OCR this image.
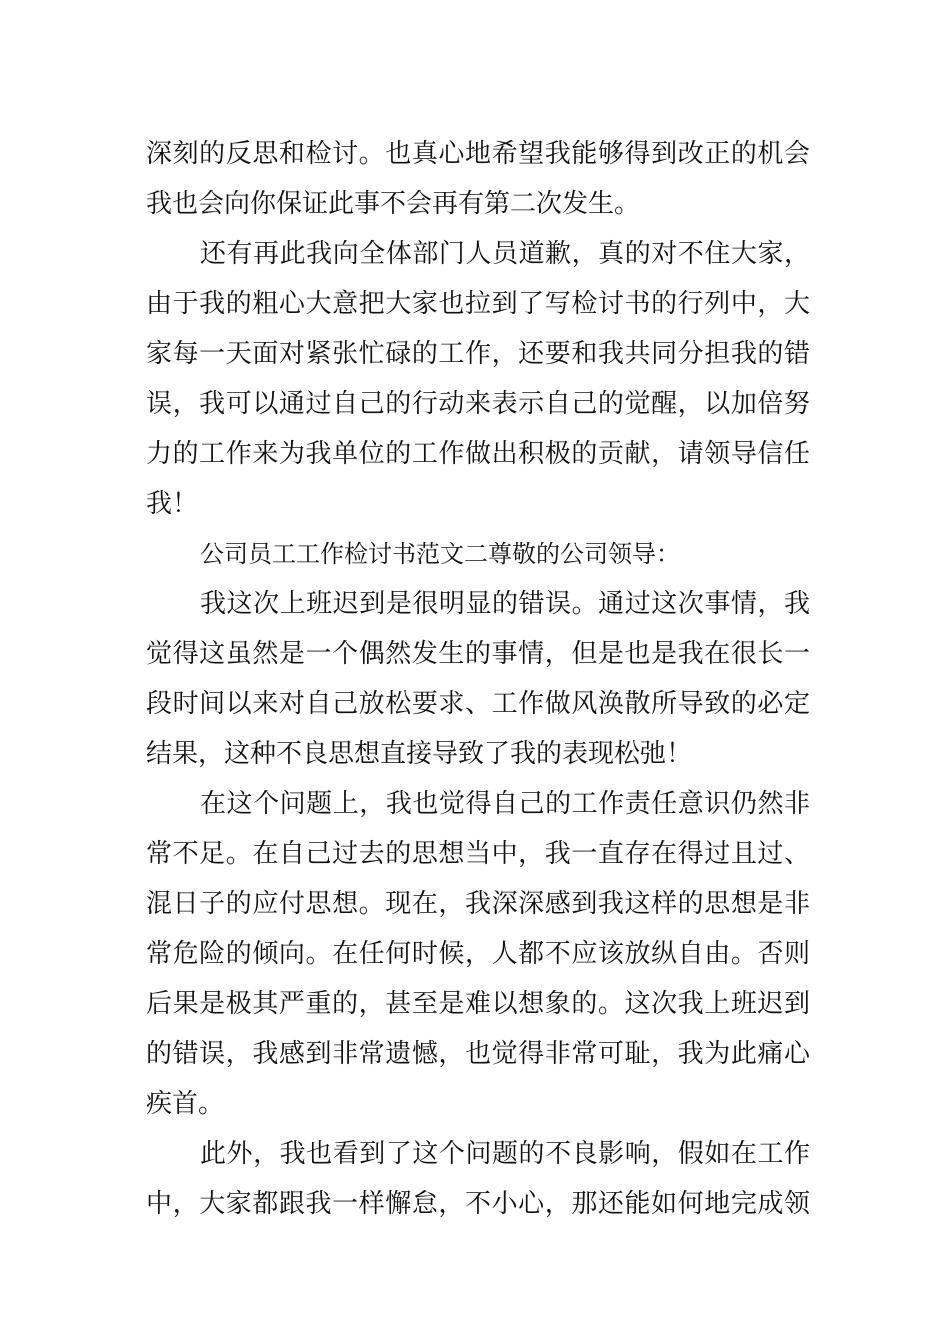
深刻的反思和检讨。也真心地希望我能够得到改正的机会
我也会向你保证此事不会再有第二次发生。
还有再此我向全体部门人员道歉，真的对不住大家，
由于我的粗心大意把大家也拉到了写检讨书的行列中，大
家每一天面对紧张忙碌的工作，还要和我共同分担我的错
误，我可以通过自己的行动来表示自己的觉醒，以加倍努
力的工作来为我单位的工作做出积极的贡献，请领导信任
我！
公司员工工作检讨书范文二尊敬的公司领导：
我这次上班迟到是很明显的错误。通过这次事情，我
觉得这虽然是一个偶然发生的事情，但是也是我在很长一
段时间以来对自己放松要求、工作做风涣散所导致的必定
结果，这种不良思想直接导致了我的表现松弛！
在这个问题上，我也觉得自己的工作责任意识仍然非
常不足。在自己过去的思想当中，我一直存在得过且过、
混日子的应付思想。现在，我深深感到我这样的思想是非
常危险的倾向。在任何时候，人都不应该放纵自由。否则
后果是极其严重的，甚至是难以想象的。这次我上班迟到
的错误，我感到非常遗憾，也觉得非常可耻，我为此痛心
疾首。
此外，我也看到了这个问题的不良影响，假如在工作
中，大家都跟我一样懈怠，不小心，那还能如何地完成领
